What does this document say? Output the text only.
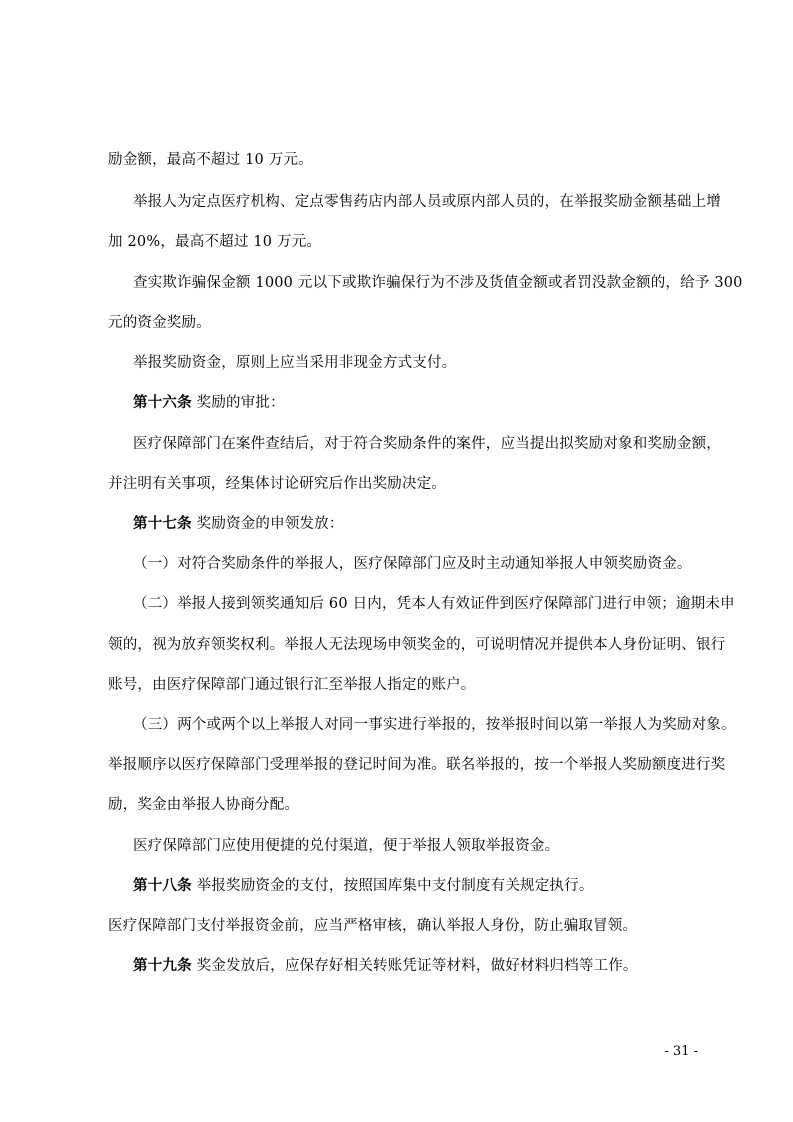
励金额，最高不超过 10 万元。
举报人为定点医疗机构、定点零售药店内部人员或原内部人员的，在举报奖励金额基础上增
加 20%，最高不超过 10 万元。
查实欺诈骗保金额 1000 元以下或欺诈骗保行为不涉及货值金额或者罚没款金额的，给予 300
元的资金奖励。
举报奖励资金，原则上应当采用非现金方式支付。
第十六条 奖励的审批：
医疗保障部门在案件查结后，对于符合奖励条件的案件，应当提出拟奖励对象和奖励金额，
并注明有关事项，经集体讨论研究后作出奖励决定。
第十七条 奖励资金的申领发放：
（一）对符合奖励条件的举报人，医疗保障部门应及时主动通知举报人申领奖励资金。
（二）举报人接到领奖通知后 60 日内，凭本人有效证件到医疗保障部门进行申领；逾期未申
领的，视为放弃领奖权利。举报人无法现场申领奖金的，可说明情况并提供本人身份证明、银行
账号，由医疗保障部门通过银行汇至举报人指定的账户。
（三）两个或两个以上举报人对同一事实进行举报的，按举报时间以第一举报人为奖励对象。
举报顺序以医疗保障部门受理举报的登记时间为准。联名举报的，按一个举报人奖励额度进行奖
励，奖金由举报人协商分配。
医疗保障部门应使用便捷的兑付渠道，便于举报人领取举报资金。
第十八条 举报奖励资金的支付，按照国库集中支付制度有关规定执行。
医疗保障部门支付举报资金前，应当严格审核，确认举报人身份，防止骗取冒领。
第十九条 奖金发放后，应保存好相关转账凭证等材料，做好材料归档等工作。
- 31 -
